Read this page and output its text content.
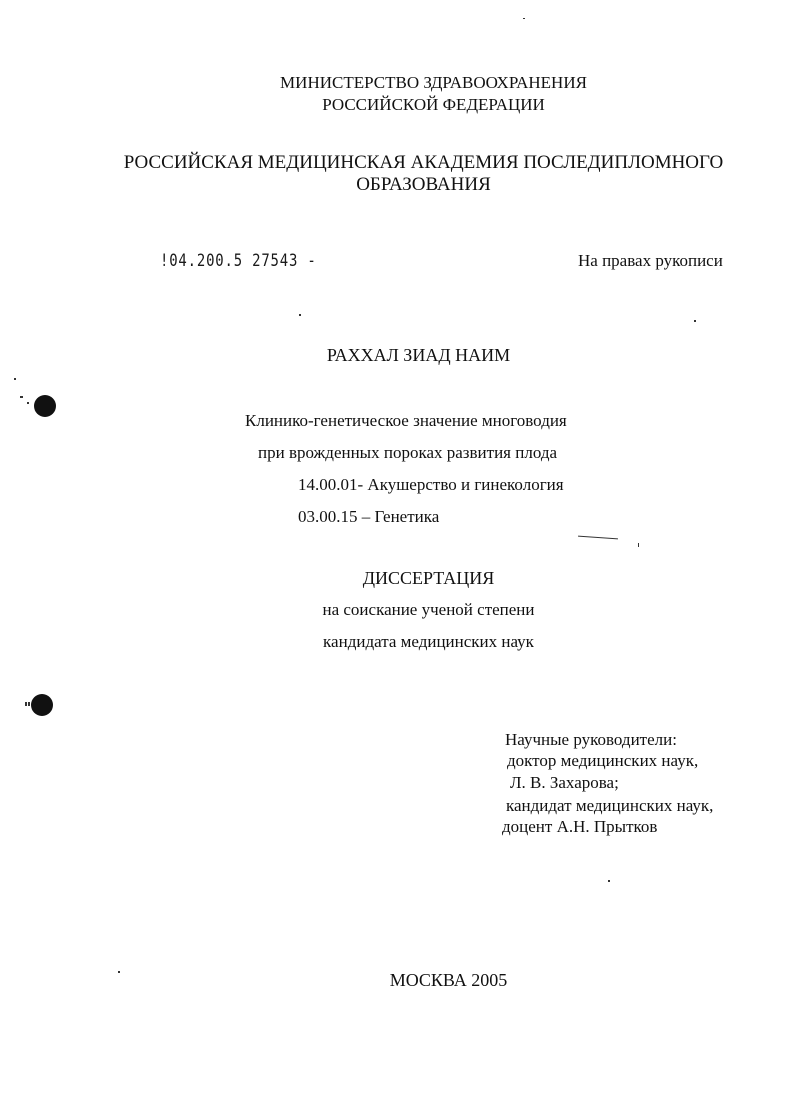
МИНИСТЕРСТВО ЗДРАВООХРАНЕНИЯ
РОССИЙСКОЙ ФЕДЕРАЦИИ
РОССИЙСКАЯ МЕДИЦИНСКАЯ АКАДЕМИЯ ПОСЛЕДИПЛОМНОГО
ОБРАЗОВАНИЯ
!04.200.5 27543 -	На правах рукописи
РАХХАЛ ЗИАД НАИМ
Клинико-генетическое значение многоводия
при врожденных пороках развития плода
14.00.01- Акушерство и гинекология
03.00.15 – Генетика
ДИССЕРТАЦИЯ
на соискание ученой степени
кандидата медицинских наук
Научные руководители:
доктор медицинских наук,
Л. В. Захарова;
кандидат медицинских наук,
доцент А.Н. Прытков
МОСКВА 2005
